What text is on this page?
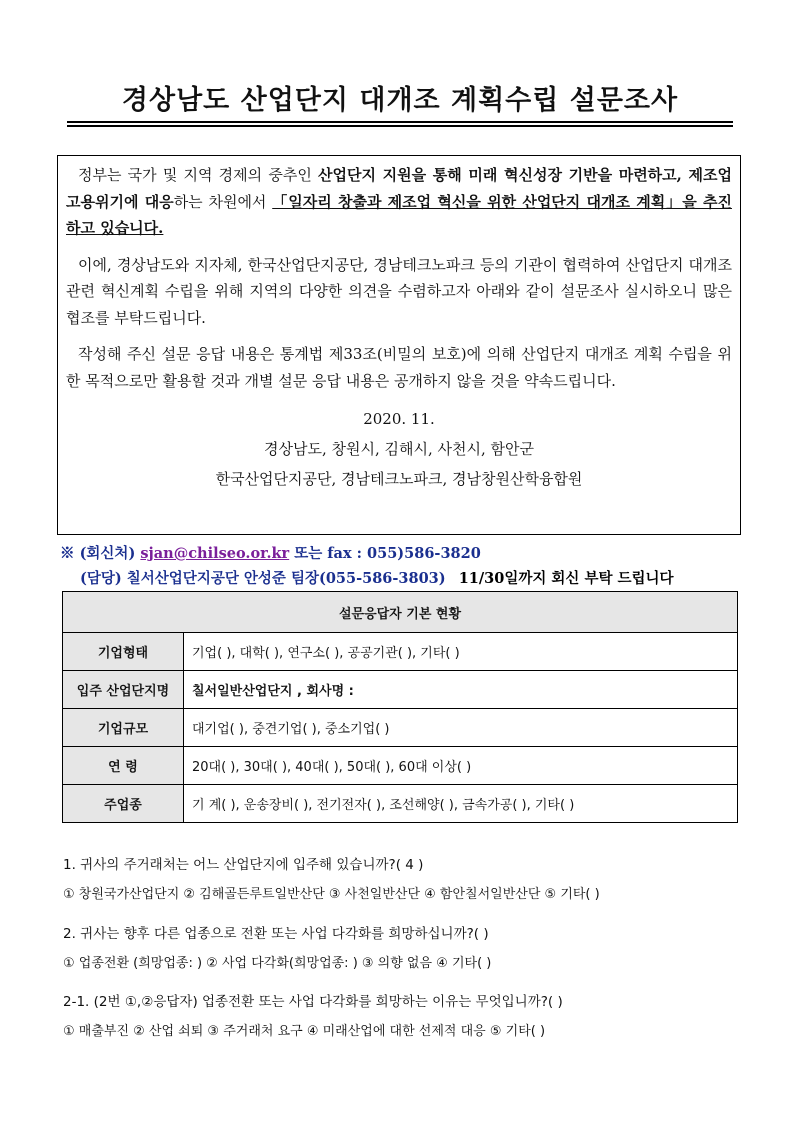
경상남도 산업단지 대개조 계획수립 설문조사

정부는 국가 및 지역 경제의 중추인 산업단지 지원을 통해 미래 혁신성장 기반을 마련하고, 제조업 고용위기에 대응하는 차원에서 「일자리 창출과 제조업 혁신을 위한 산업단지 대개조 계획」을 추진하고 있습니다.

이에, 경상남도와 지자체, 한국산업단지공단, 경남테크노파크 등의 기관이 협력하여 산업단지 대개조 관련 혁신계획 수립을 위해 지역의 다양한 의견을 수렴하고자 아래와 같이 설문조사 실시하오니 많은 협조를 부탁드립니다.

작성해 주신 설문 응답 내용은 통계법 제33조(비밀의 보호)에 의해 산업단지 대개조 계획 수립을 위한 목적으로만 활용할 것과 개별 설문 응답 내용은 공개하지 않을 것을 약속드립니다.

2020. 11.

경상남도, 창원시, 김해시, 사천시, 함안군

한국산업단지공단, 경남테크노파크, 경남창원산학융합원

※ (회신처) sjan@chilseo.or.kr 또는 fax : 055)586-3820
(담당) 칠서산업단지공단 안성준 팀장(055-586-3803) 11/30일까지 회신 부탁 드립니다
설문응답자 기본 현황	
기업형태	기업( ), 대학( ), 연구소( ), 공공기관( ), 기타( )
입주 산업단지명	칠서일반산업단지 , 회사명 :
기업규모	대기업( ), 중견기업( ), 중소기업( )
연 령	20대( ), 30대( ), 40대( ), 50대( ), 60대 이상( )
주업종	기 계( ), 운송장비( ), 전기전자( ), 조선해양( ), 금속가공( ), 기타( )
1. 귀사의 주거래처는 어느 산업단지에 입주해 있습니까?( 4 )
① 창원국가산업단지 ② 김해골든루트일반산단 ③ 사천일반산단 ④ 함안칠서일반산단 ⑤ 기타( )
2. 귀사는 향후 다른 업종으로 전환 또는 사업 다각화를 희망하십니까?( )
① 업종전환 (희망업종: ) ② 사업 다각화(희망업종: ) ③ 의향 없음 ④ 기타( )
2-1. (2번 ①,②응답자) 업종전환 또는 사업 다각화를 희망하는 이유는 무엇입니까?( )
① 매출부진 ② 산업 쇠퇴 ③ 주거래처 요구 ④ 미래산업에 대한 선제적 대응 ⑤ 기타( )
